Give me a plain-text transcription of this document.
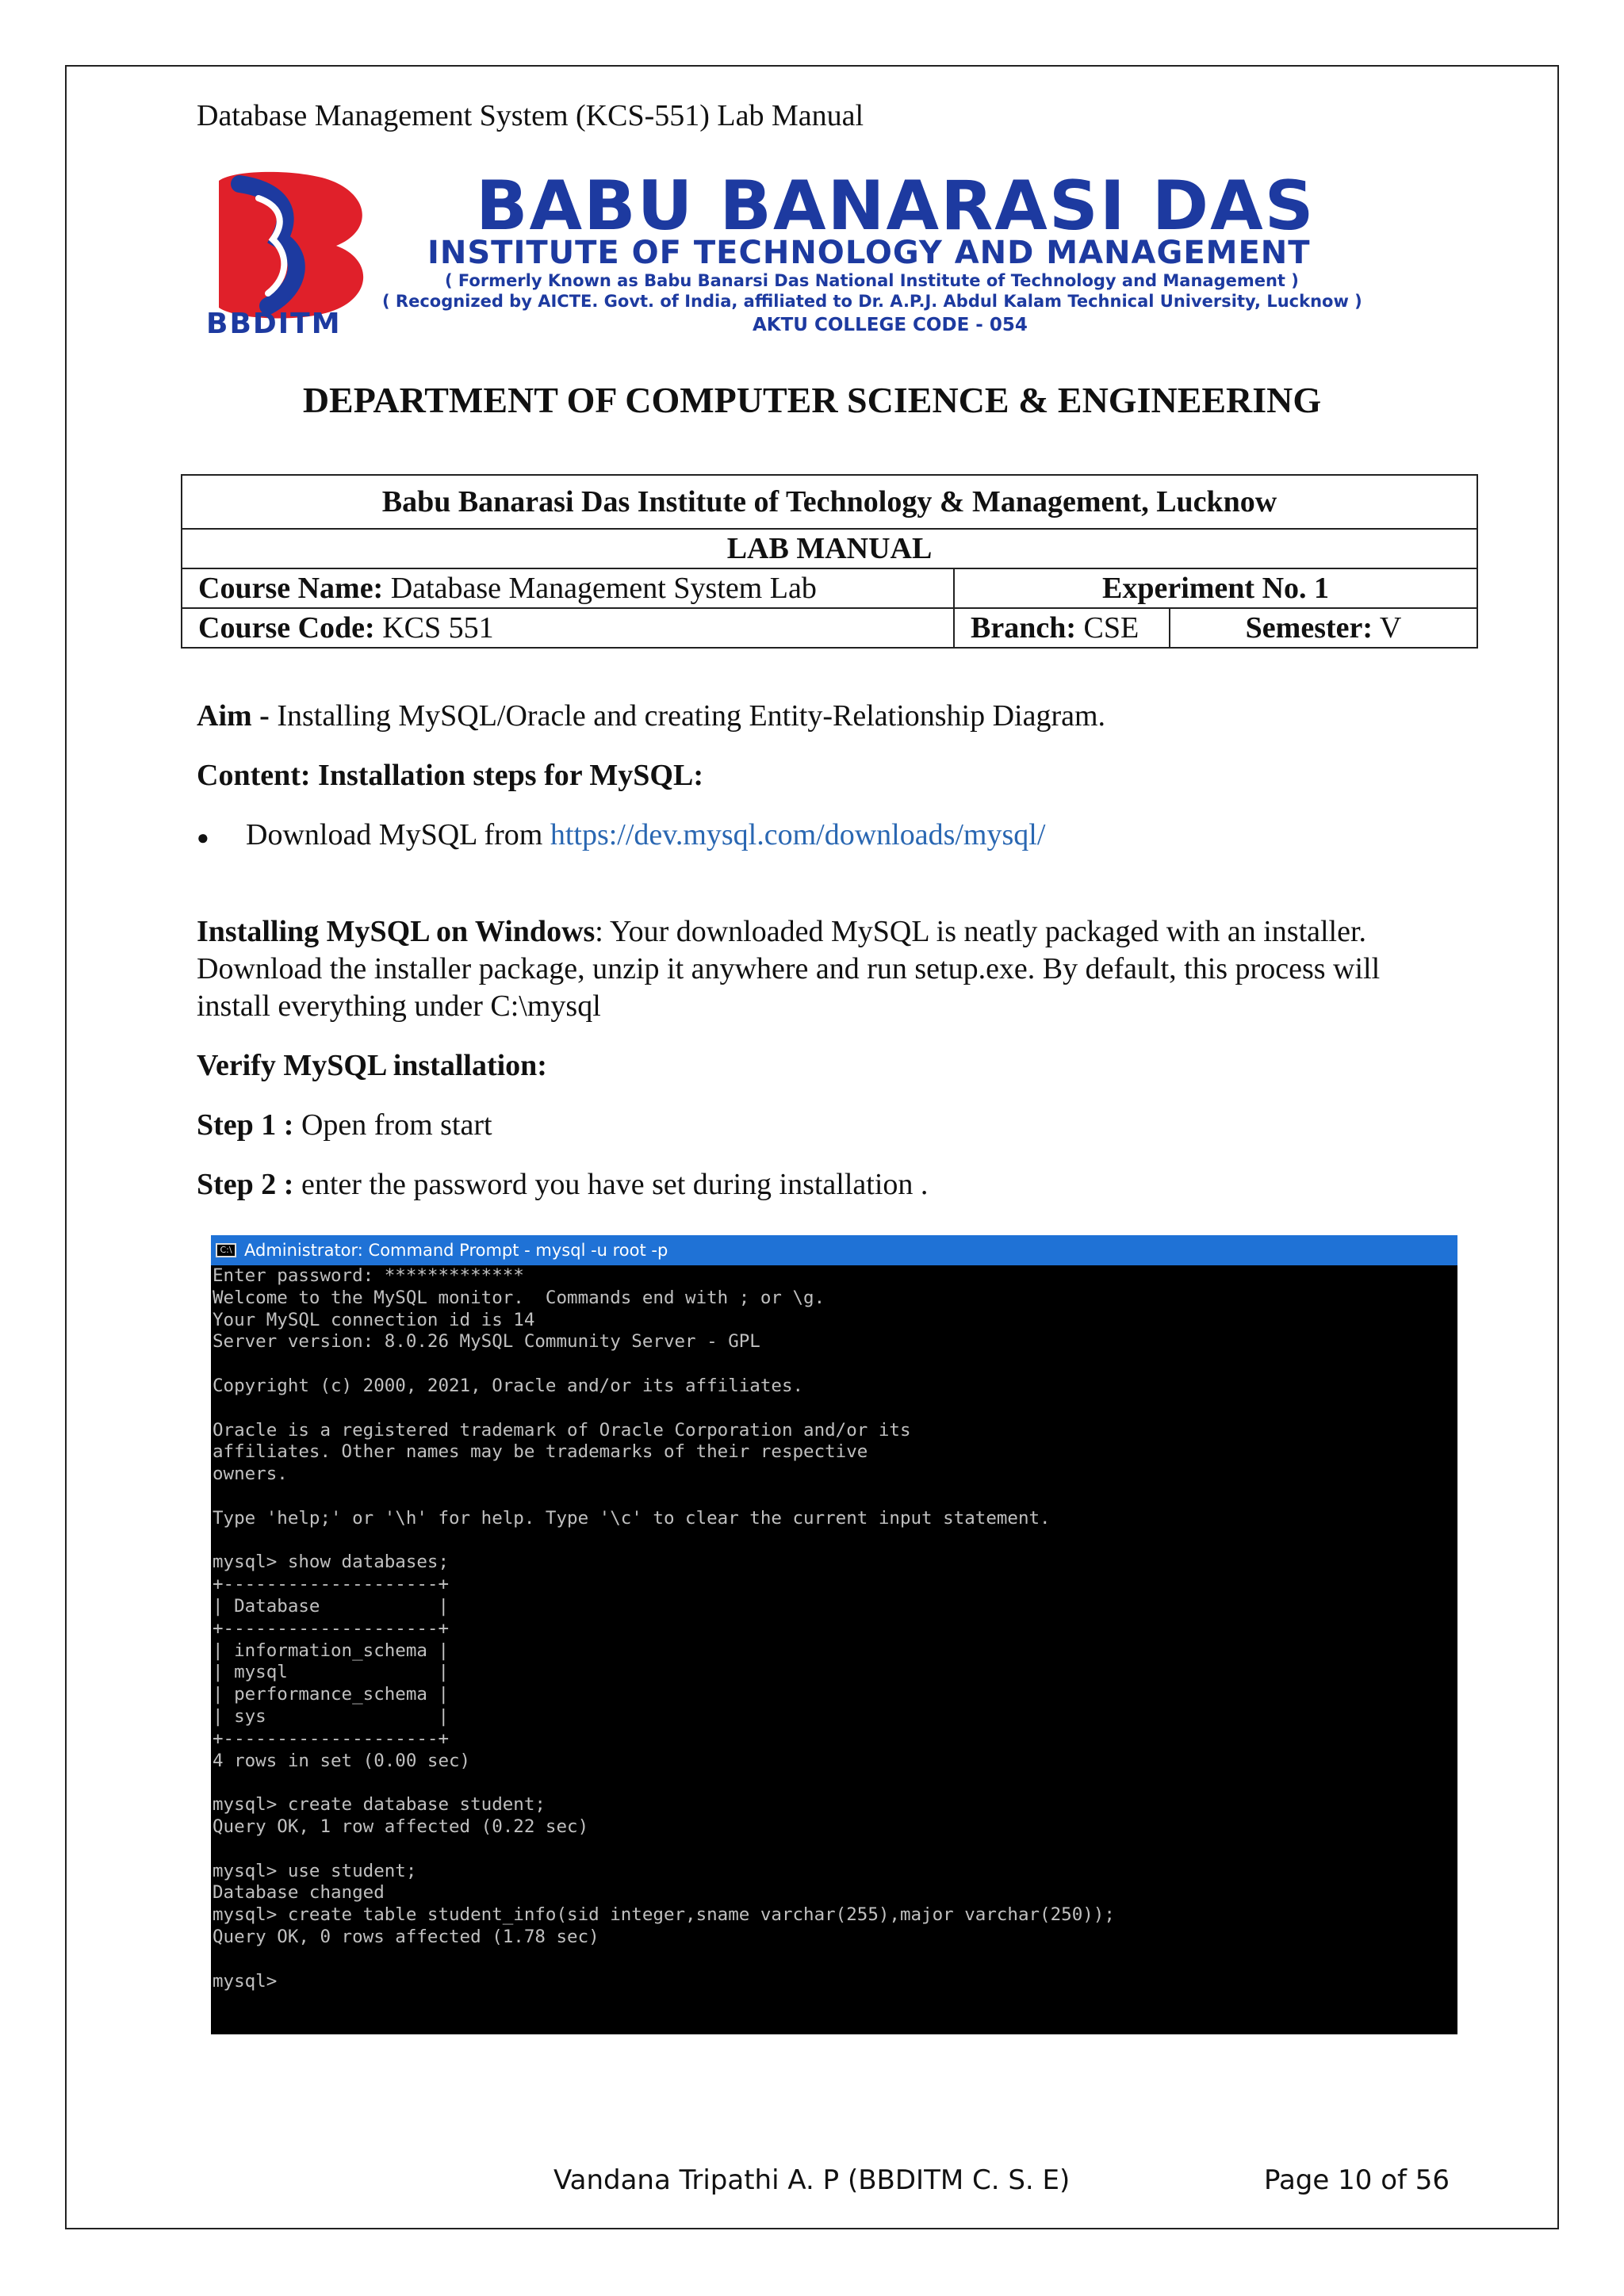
Database Management System (KCS-551) Lab Manual
BBDITM
BABU BANARASI DAS
INSTITUTE OF TECHNOLOGY AND MANAGEMENT
( Formerly Known as Babu Banarsi Das National Institute of Technology and Management )
( Recognized by AICTE. Govt. of India, affiliated to Dr. A.P.J. Abdul Kalam Technical University, Lucknow )
AKTU COLLEGE CODE - 054
DEPARTMENT OF COMPUTER SCIENCE & ENGINEERING
Babu Banarasi Das Institute of Technology & Management, Lucknow		
LAB MANUAL		
Course Name: Database Management System Lab	Experiment No. 1	
Course Code: KCS 551	Branch: CSE	Semester: V

Aim - Installing MySQL/Oracle and creating Entity-Relationship Diagram.

Content: Installation steps for MySQL:

●	Download MySQL from https://dev.mysql.com/downloads/mysql/

Installing MySQL on Windows: Your downloaded MySQL is neatly packaged with an installer. Download the installer package, unzip it anywhere and run setup.exe. By default, this process will install everything under C:\mysql

Verify MySQL installation:

Step 1 : Open from start

Step 2 : enter the password you have set during installation .

C:\ Administrator: Command Prompt - mysql -u root -p
Enter password: *************
Welcome to the MySQL monitor.  Commands end with ; or \g.
Your MySQL connection id is 14
Server version: 8.0.26 MySQL Community Server - GPL

Copyright (c) 2000, 2021, Oracle and/or its affiliates.

Oracle is a registered trademark of Oracle Corporation and/or its
affiliates. Other names may be trademarks of their respective
owners.

Type 'help;' or '\h' for help. Type '\c' to clear the current input statement.

mysql> show databases;
+--------------------+
| Database           |
+--------------------+
| information_schema |
| mysql              |
| performance_schema |
| sys                |
+--------------------+
4 rows in set (0.00 sec)

mysql> create database student;
Query OK, 1 row affected (0.22 sec)

mysql> use student;
Database changed
mysql> create table student_info(sid integer,sname varchar(255),major varchar(250));
Query OK, 0 rows affected (1.78 sec)

mysql>
Vandana Tripathi A. P (BBDITM C. S. E)	Page 10 of 56
